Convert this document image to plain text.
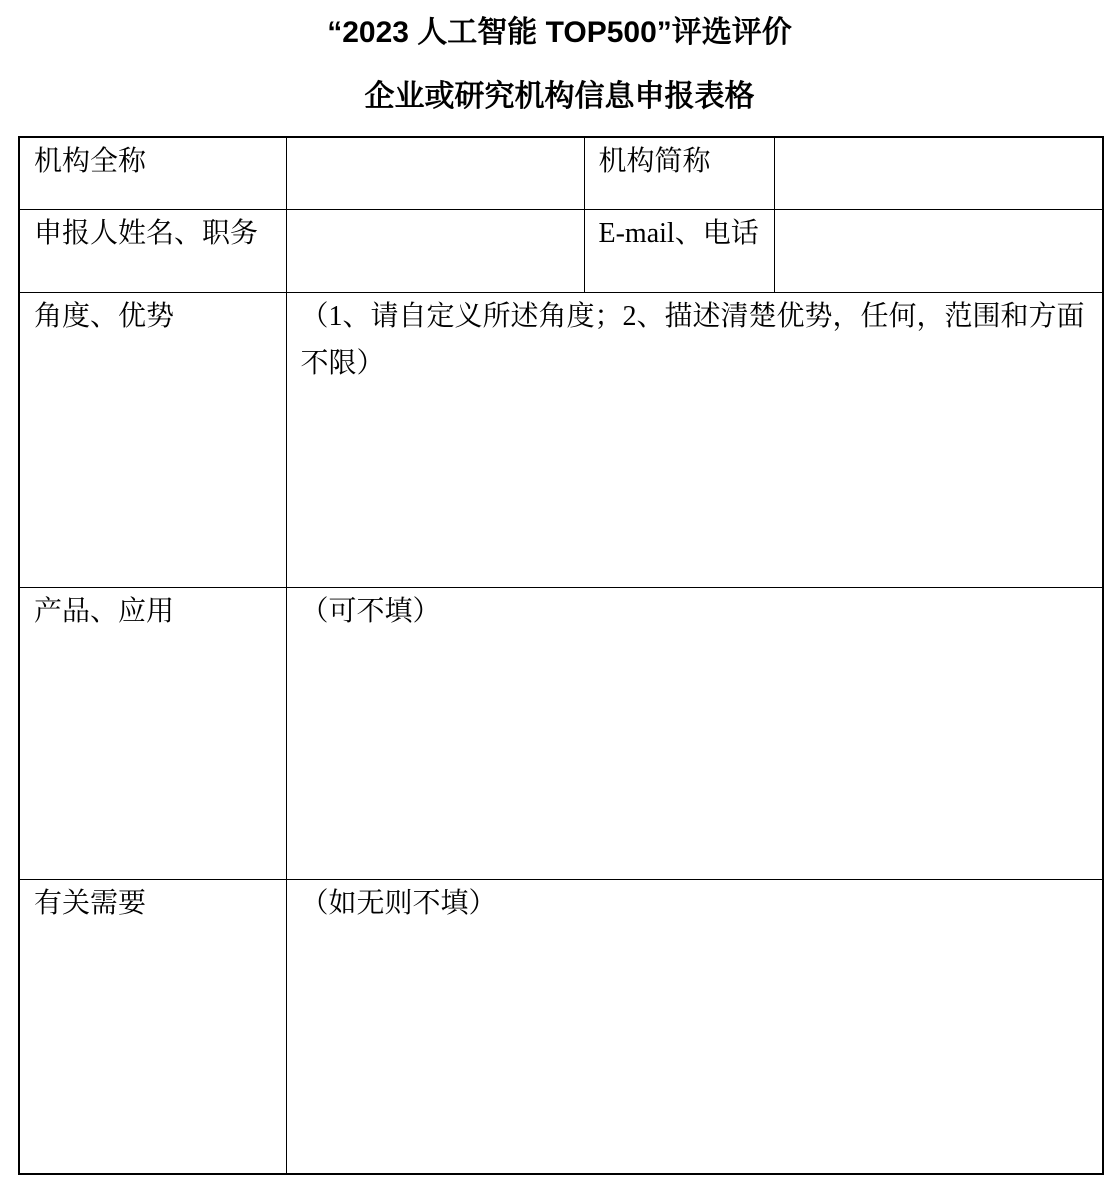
“2023 人工智能 TOP500”评选评价
企业或研究机构信息申报表格
机构全称		机构简称	
申报人姓名、职务		E-mail、电话	
角度、优势	（1、请自定义所述角度；2、描述清楚优势，任何，范围和方面不限）		
产品、应用	（可不填）		
有关需要	（如无则不填）		
